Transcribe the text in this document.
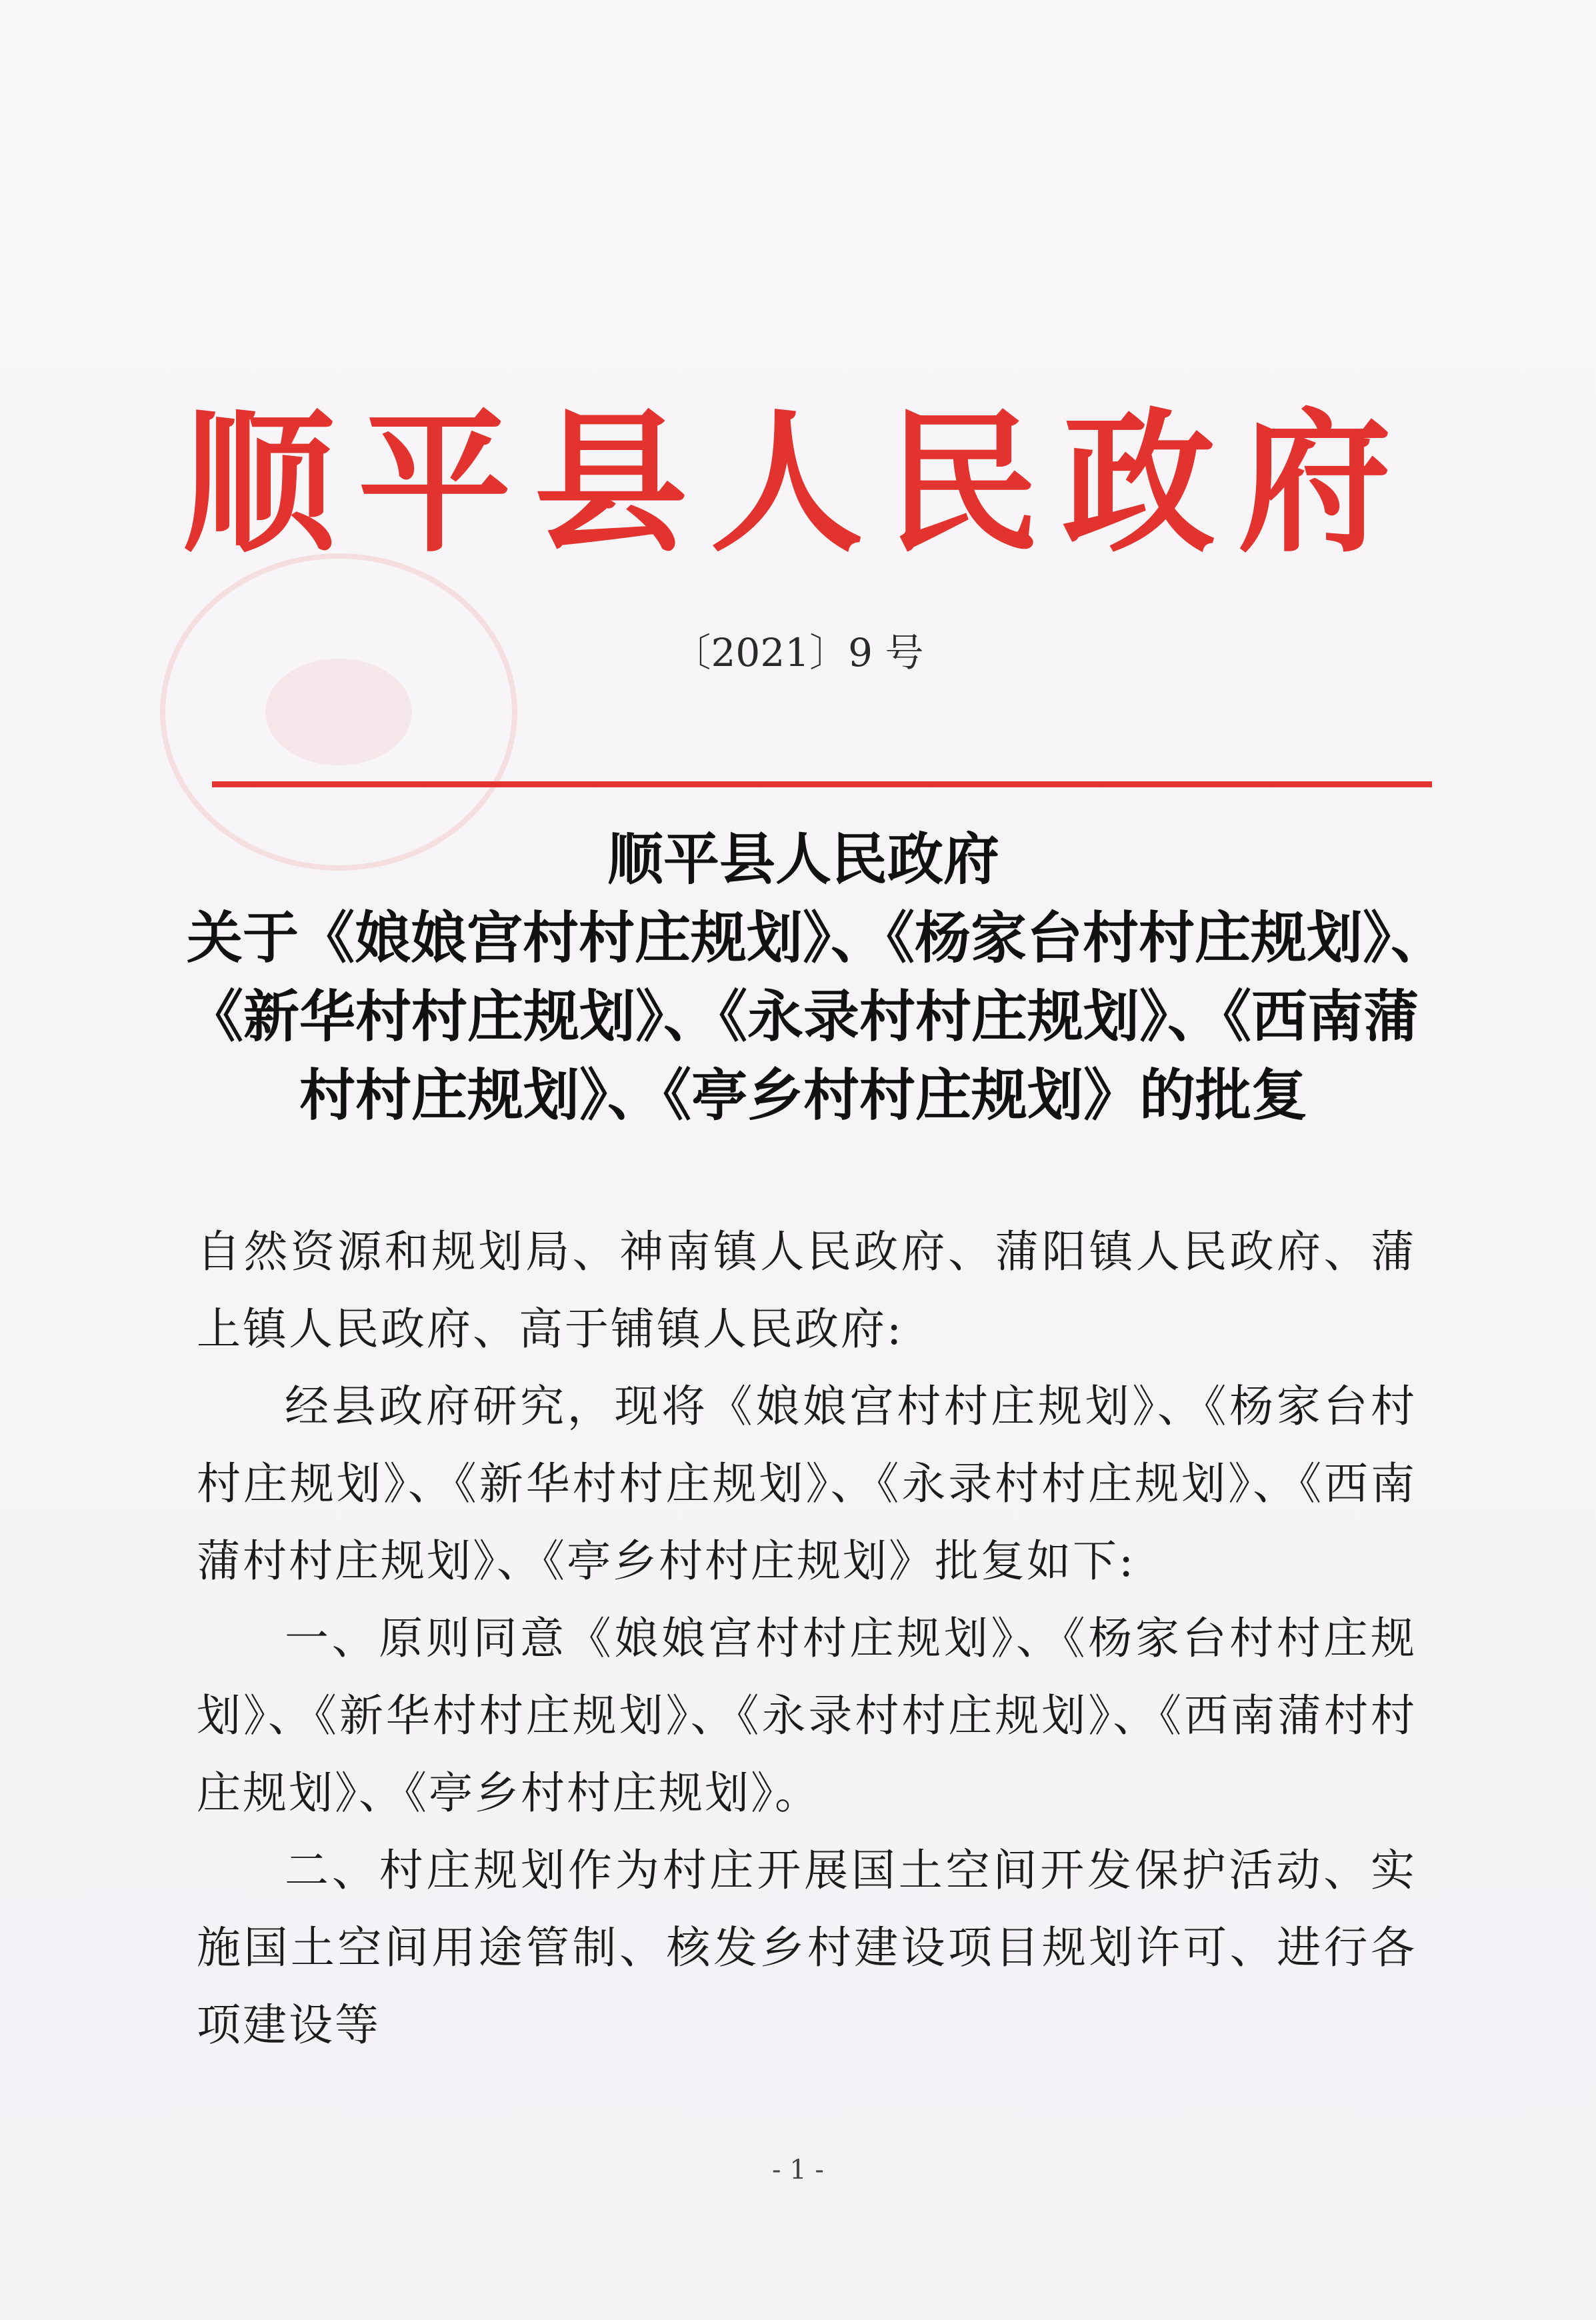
顺平县人民政府
〔2021〕9 号
顺平县人民政府
关于《娘娘宫村村庄规划》、《杨家台村村庄规划》、
《新华村村庄规划》、《永录村村庄规划》、《西南蒲
村村庄规划》、《亭乡村村庄规划》的批复

自然资源和规划局、神南镇人民政府、蒲阳镇人民政府、蒲上镇人民政府、高于铺镇人民政府:

经县政府研究，现将《娘娘宫村村庄规划》、《杨家台村村庄规划》、《新华村村庄规划》、《永录村村庄规划》、《西南蒲村村庄规划》、《亭乡村村庄规划》批复如下:

一、原则同意《娘娘宫村村庄规划》、《杨家台村村庄规划》、《新华村村庄规划》、《永录村村庄规划》、《西南蒲村村庄规划》、《亭乡村村庄规划》。

二、村庄规划作为村庄开展国土空间开发保护活动、实施国土空间用途管制、核发乡村建设项目规划许可、进行各项建设等

- 1 -
